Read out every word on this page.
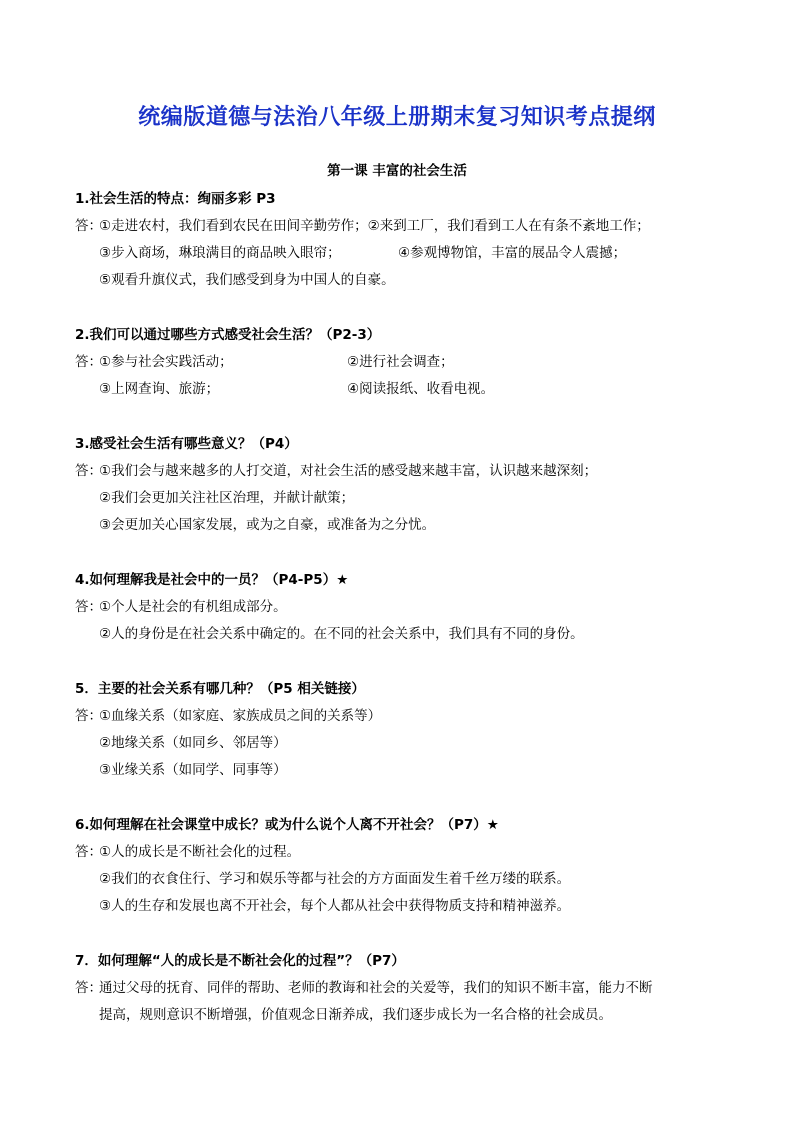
统编版道德与法治八年级上册期末复习知识考点提纲
第一课 丰富的社会生活
1.社会生活的特点：绚丽多彩 P3
答：
①走进农村，我们看到农民在田间辛勤劳作；②来到工厂，我们看到工人在有条不紊地工作；
③步入商场，琳琅满目的商品映入眼帘；	④参观博物馆，丰富的展品令人震撼；
⑤观看升旗仪式，我们感受到身为中国人的自豪。
2.我们可以通过哪些方式感受社会生活？（P2-3）
答：
①参与社会实践活动；	②进行社会调查；
③上网查询、旅游；	④阅读报纸、收看电视。
3.感受社会生活有哪些意义？（P4）
答：
①我们会与越来越多的人打交道，对社会生活的感受越来越丰富，认识越来越深刻；
②我们会更加关注社区治理，并献计献策；
③会更加关心国家发展，或为之自豪，或准备为之分忧。
4.如何理解我是社会中的一员？（P4-P5）★
答：
①个人是社会的有机组成部分。
②人的身份是在社会关系中确定的。在不同的社会关系中，我们具有不同的身份。
5．主要的社会关系有哪几种？（P5 相关链接）
答：
①血缘关系（如家庭、家族成员之间的关系等）
②地缘关系（如同乡、邻居等）
③业缘关系（如同学、同事等）
6.如何理解在社会课堂中成长？或为什么说个人离不开社会？（P7）★
答：
①人的成长是不断社会化的过程。
②我们的衣食住行、学习和娱乐等都与社会的方方面面发生着千丝万缕的联系。
③人的生存和发展也离不开社会，每个人都从社会中获得物质支持和精神滋养。
7．如何理解“人的成长是不断社会化的过程”？（P7）
答：
通过父母的抚育、同伴的帮助、老师的教诲和社会的关爱等，我们的知识不断丰富，能力不断
提高，规则意识不断增强，价值观念日渐养成，我们逐步成长为一名合格的社会成员。
